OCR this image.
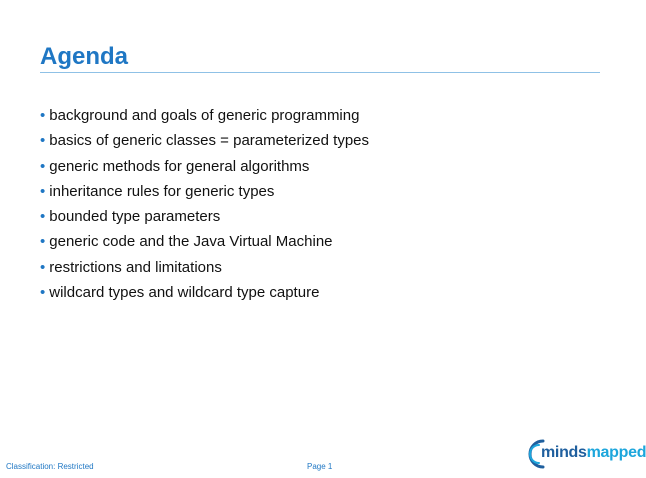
Agenda
• background and goals of generic programming
• basics of generic classes = parameterized types
• generic methods for general algorithms
• inheritance rules for generic types
• bounded type parameters
• generic code and the Java Virtual Machine
• restrictions and limitations
• wildcard types and wildcard type capture
Classification: Restricted	Page 1
mindsmapped
